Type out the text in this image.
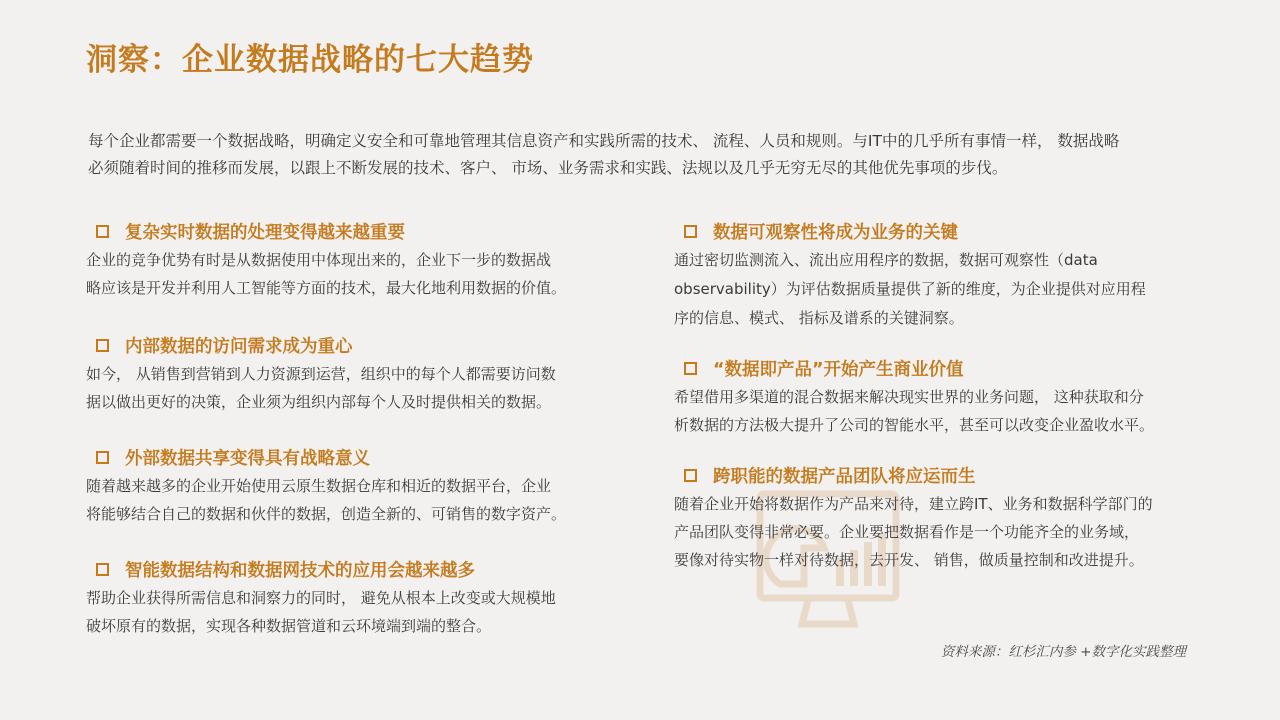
洞察：企业数据战略的七大趋势

每个企业都需要一个数据战略，明确定义安全和可靠地管理其信息资产和实践所需的技术、 流程、人员和规则。与IT中的几乎所有事情一样， 数据战略

必须随着时间的推移而发展，以跟上不断发展的技术、客户、 市场、业务需求和实践、法规以及几乎无穷无尽的其他优先事项的步伐。

复杂实时数据的处理变得越来越重要

企业的竞争优势有时是从数据使用中体现出来的，企业下一步的数据战

略应该是开发并利用人工智能等方面的技术，最大化地利用数据的价值。

内部数据的访问需求成为重心

如今， 从销售到营销到人力资源到运营，组织中的每个人都需要访问数

据以做出更好的决策，企业须为组织内部每个人及时提供相关的数据。

外部数据共享变得具有战略意义

随着越来越多的企业开始使用云原生数据仓库和相近的数据平台，企业

将能够结合自己的数据和伙伴的数据，创造全新的、可销售的数字资产。

智能数据结构和数据网技术的应用会越来越多

帮助企业获得所需信息和洞察力的同时， 避免从根本上改变或大规模地

破坏原有的数据，实现各种数据管道和云环境端到端的整合。

数据可观察性将成为业务的关键

通过密切监测流入、流出应用程序的数据，数据可观察性（data

observability）为评估数据质量提供了新的维度，为企业提供对应用程

序的信息、模式、 指标及谱系的关键洞察。

“数据即产品”开始产生商业价值

希望借用多渠道的混合数据来解决现实世界的业务问题， 这种获取和分

析数据的方法极大提升了公司的智能水平，甚至可以改变企业盈收水平。

跨职能的数据产品团队将应运而生

随着企业开始将数据作为产品来对待，建立跨IT、业务和数据科学部门的

产品团队变得非常必要。企业要把数据看作是一个功能齐全的业务域，

要像对待实物一样对待数据，去开发、 销售，做质量控制和改进提升。

资料来源：红杉汇内参 +数字化实践整理
